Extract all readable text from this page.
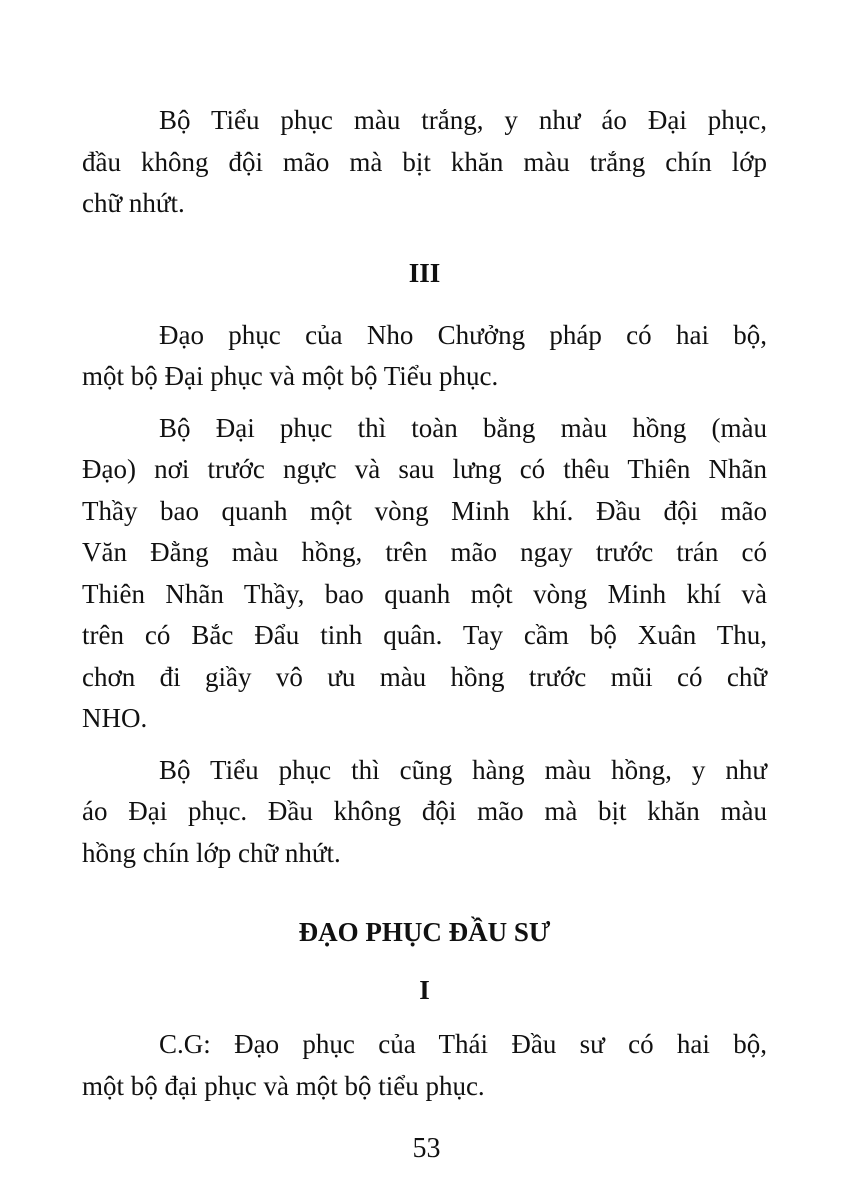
Bộ Tiểu phục màu trắng, y như áo Đại phục,
đầu không đội mão mà bịt khăn màu trắng chín lớp
chữ nhứt.
III
Đạo phục của Nho Chưởng pháp có hai bộ,
một bộ Đại phục và một bộ Tiểu phục.
Bộ Đại phục thì toàn bằng màu hồng (màu
Đạo) nơi trước ngực và sau lưng có thêu Thiên Nhãn
Thầy bao quanh một vòng Minh khí. Đầu đội mão
Văn Đằng màu hồng, trên mão ngay trước trán có
Thiên Nhãn Thầy, bao quanh một vòng Minh khí và
trên có Bắc Đẩu tinh quân. Tay cầm bộ Xuân Thu,
chơn đi giầy vô ưu màu hồng trước mũi có chữ
NHO.
Bộ Tiểu phục thì cũng hàng màu hồng, y như
áo Đại phục. Đầu không đội mão mà bịt khăn màu
hồng chín lớp chữ nhứt.
ĐẠO PHỤC ĐẦU SƯ
I
C.G: Đạo phục của Thái Đầu sư có hai bộ,
một bộ đại phục và một bộ tiểu phục.
53
